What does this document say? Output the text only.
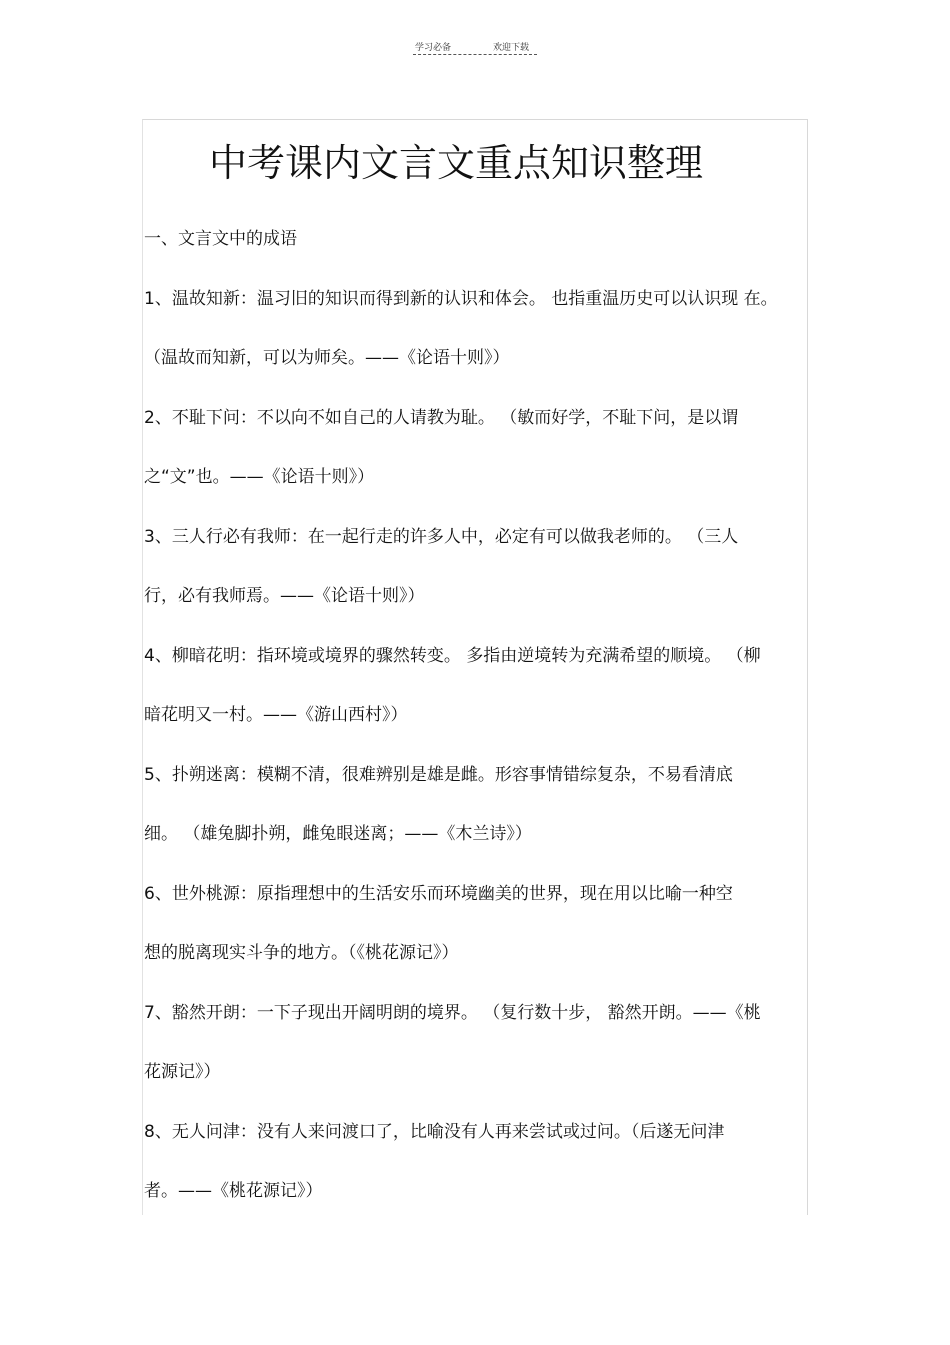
学习必备	欢迎下载
中考课内文言文重点知识整理
一、文言文中的成语
1、温故知新：温习旧的知识而得到新的认识和体会。 也指重温历史可以认识现 在。
（温故而知新，可以为师矣。——《论语十则》）
2、不耻下问：不以向不如自己的人请教为耻。 （敏而好学，不耻下问，是以谓
之“文”也。——《论语十则》）
3、三人行必有我师：在一起行走的许多人中，必定有可以做我老师的。 （三人
行，必有我师焉。——《论语十则》）
4、柳暗花明：指环境或境界的骤然转变。 多指由逆境转为充满希望的顺境。 （柳
暗花明又一村。——《游山西村》）
5、扑朔迷离：模糊不清，很难辨别是雄是雌。形容事情错综复杂，不易看清底
细。 （雄兔脚扑朔，雌兔眼迷离；——《木兰诗》）
6、世外桃源：原指理想中的生活安乐而环境幽美的世界，现在用以比喻一种空
想的脱离现实斗争的地方。（《桃花源记》）
7、豁然开朗：一下子现出开阔明朗的境界。 （复行数十步， 豁然开朗。——《桃
花源记》）
8、无人问津：没有人来问渡口了，比喻没有人再来尝试或过问。（后遂无问津
者。——《桃花源记》）
